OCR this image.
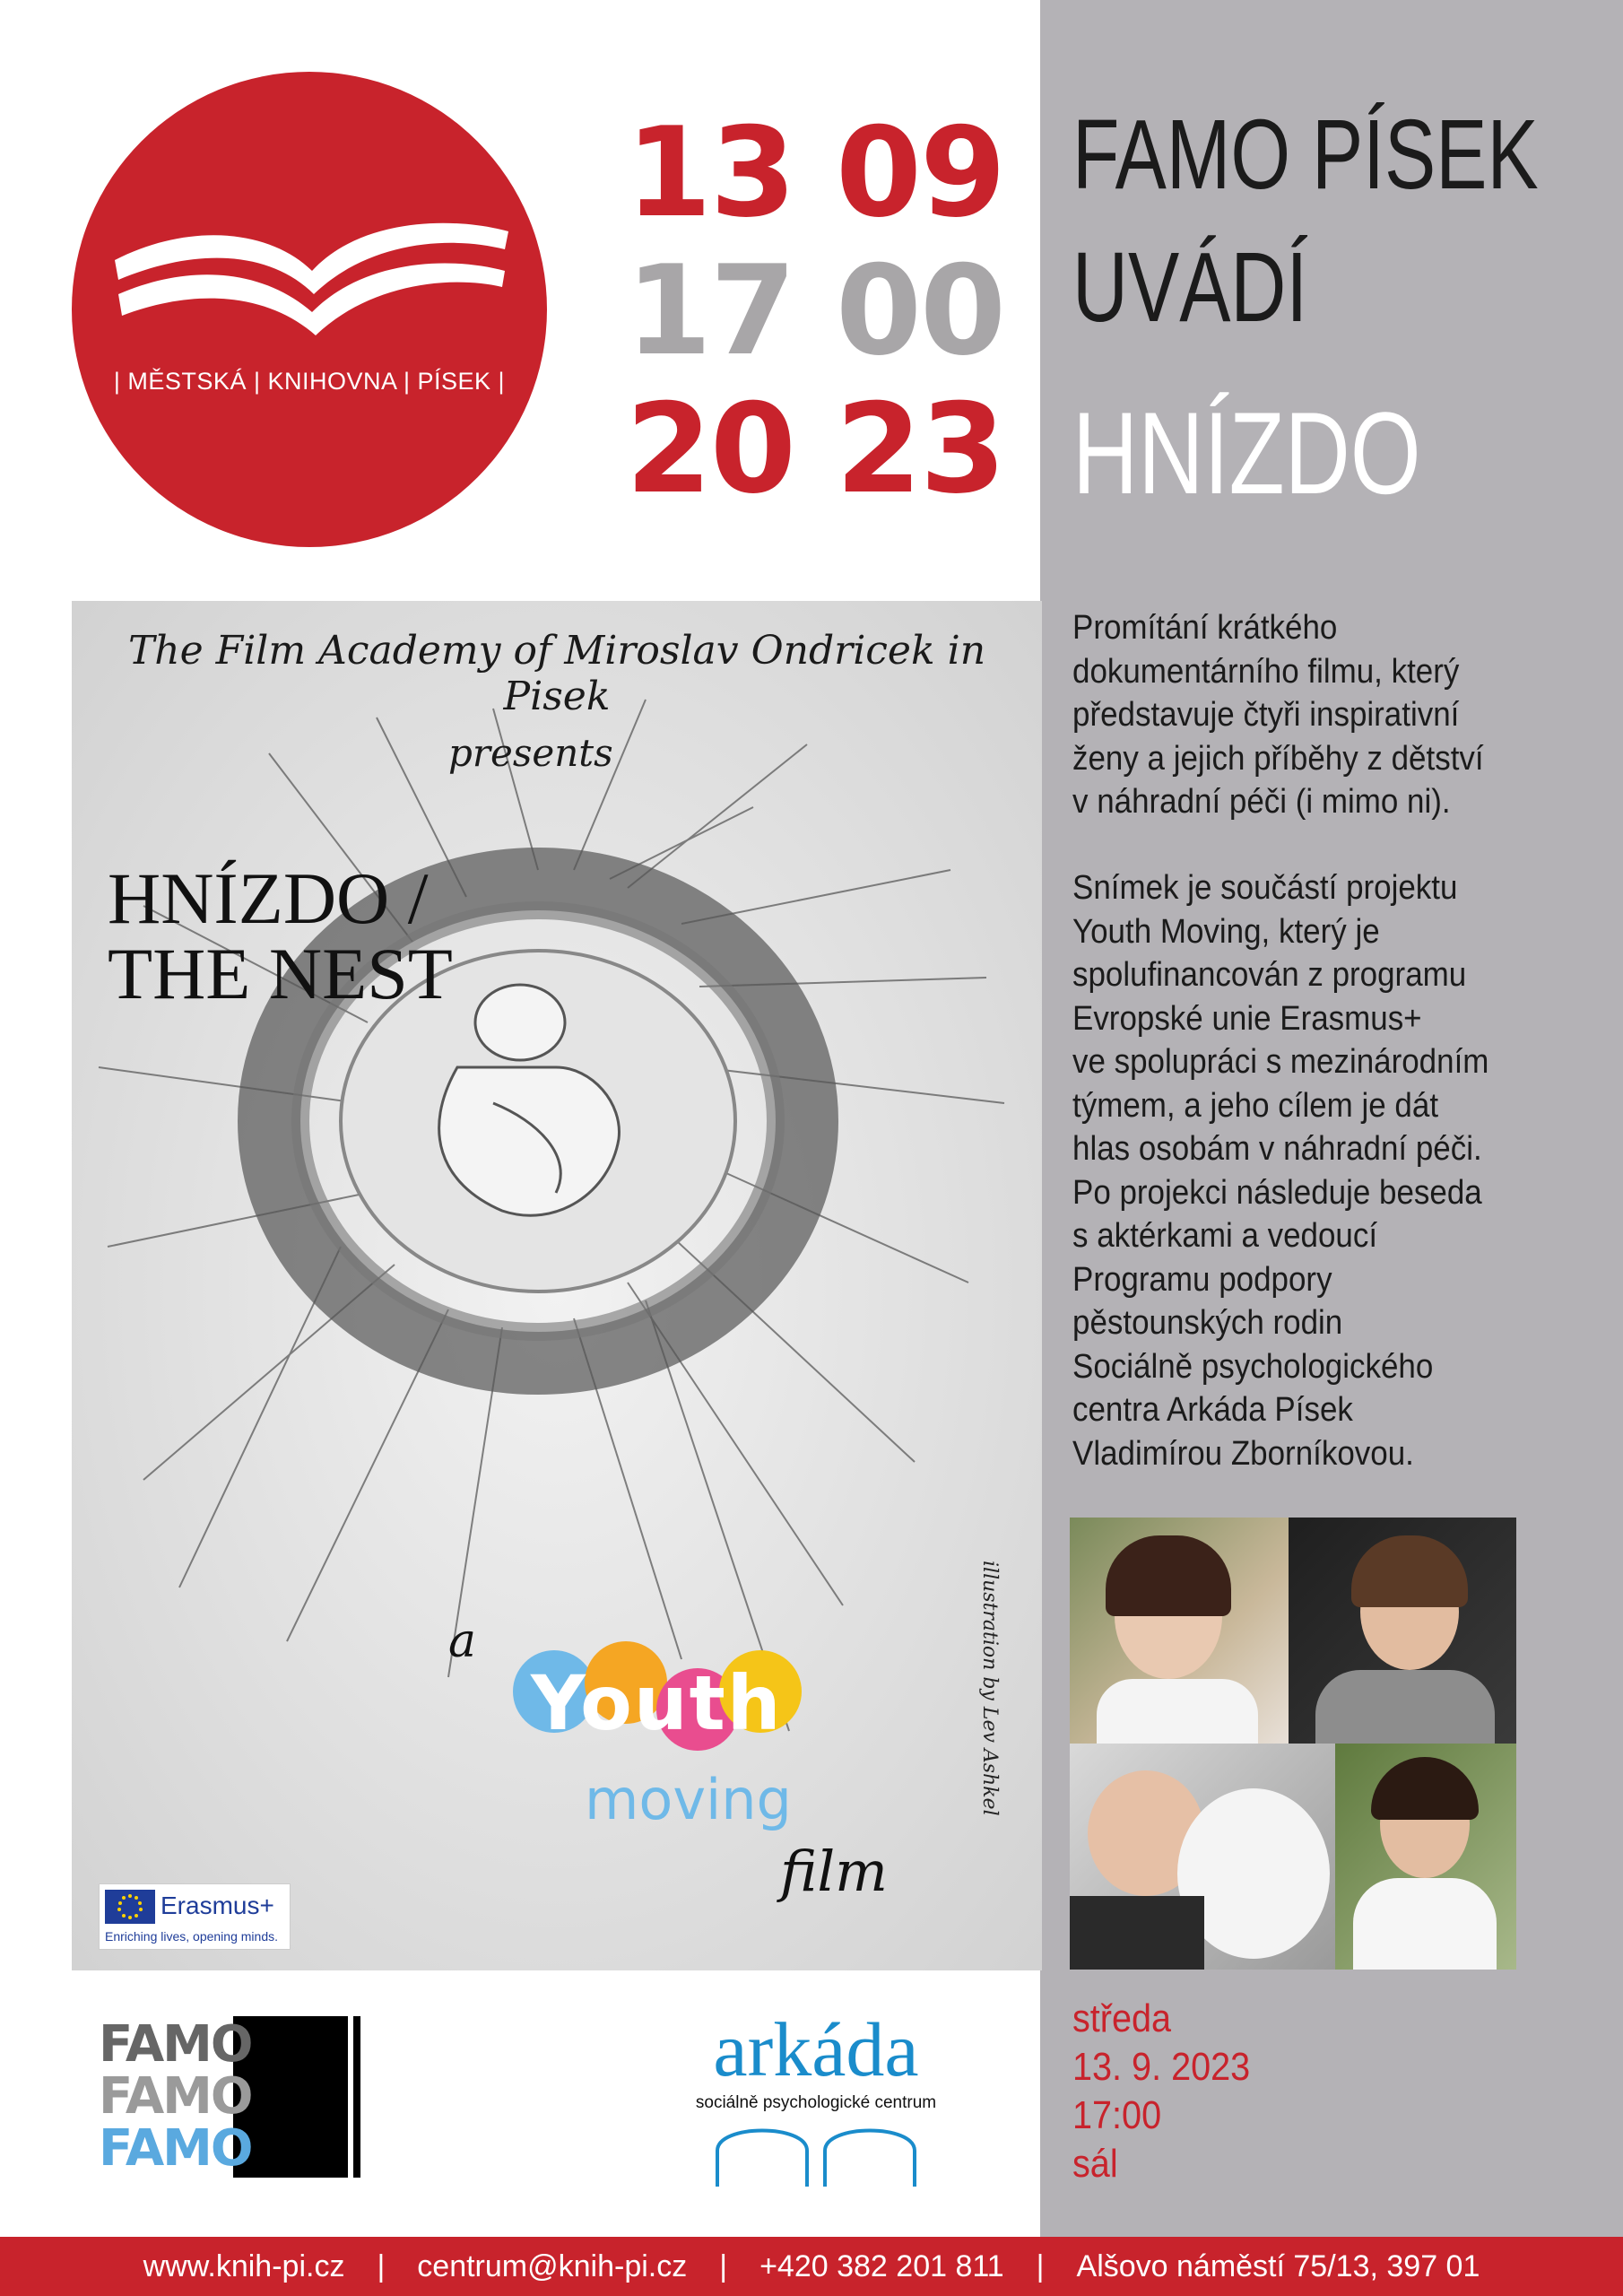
| MĚSTSKÁ | KNIHOVNA | PÍSEK |
13 09
17 00
20 23
FAMO PÍSEK
UVÁDÍ
HNÍZDO
The Film Academy of Miroslav Ondricek in Pisek
presents
HNÍZDO /
THE NEST
a
Youth
moving
film
illustration by Lev Ashkel
Erasmus+
Enriching lives, opening minds.
Promítání krátkého
dokumentárního filmu, který
představuje čtyři inspirativní
ženy a jejich příběhy z dětství
v náhradní péči (i mimo ni).
Snímek je součástí projektu
Youth Moving, který je
spolufinancován z programu
Evropské unie Erasmus+
ve spolupráci s mezinárodním
týmem, a jeho cílem je dát
hlas osobám v náhradní péči.
Po projekci následuje beseda
s aktérkami a vedoucí
Programu podpory
pěstounských rodin
Sociálně psychologického
centra Arkáda Písek
Vladimírou Zborníkovou.
středa
13. 9. 2023
17:00
sál
FAMO
FAMO
FAMO
arkáda
sociálně psychologické centrum
www.knih-pi.cz	|	centrum@knih-pi.cz	|	+420 382 201 811	|	Alšovo náměstí 75/13, 397 01
